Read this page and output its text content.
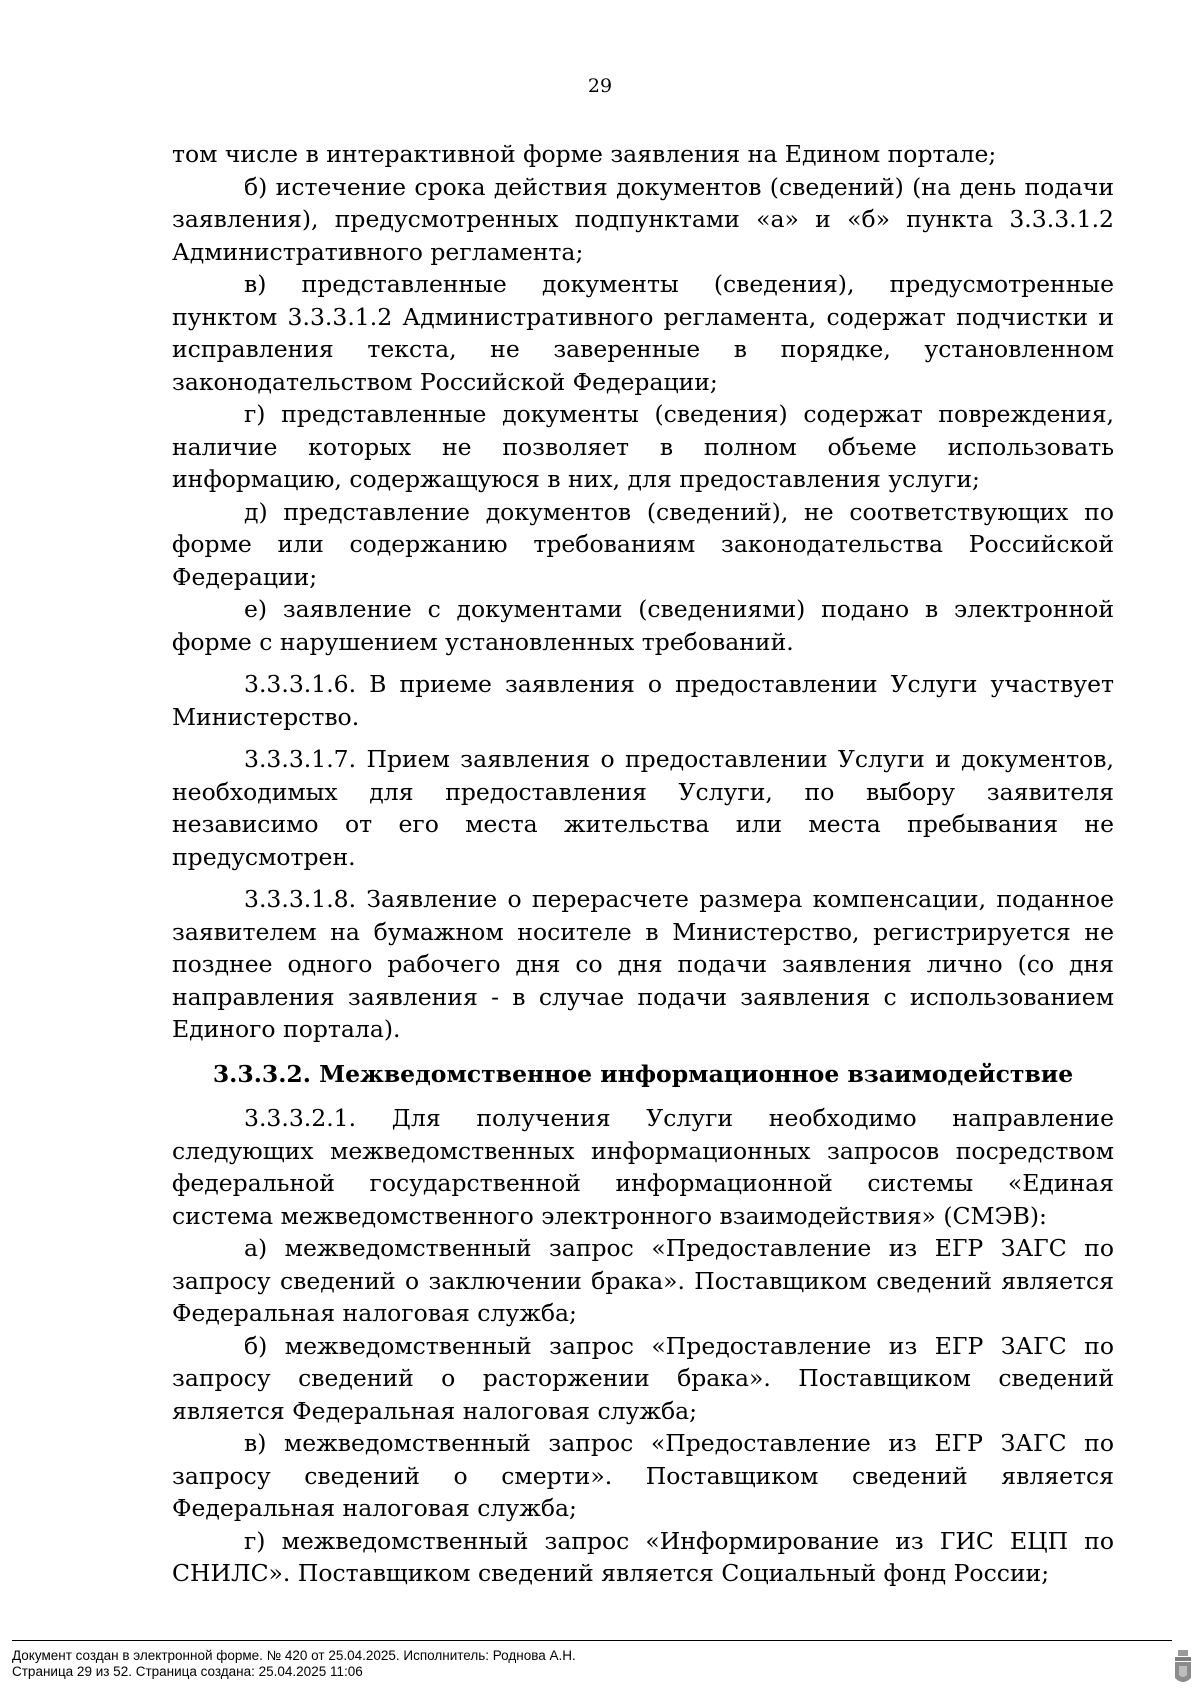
29

том числе в интерактивной форме заявления на Едином портале;

б) истечение срока действия документов (сведений) (на день подачи заявления), предусмотренных подпунктами «а» и «б» пункта 3.3.3.1.2 Административного регламента;

в) представленные документы (сведения), предусмотренные пунктом 3.3.3.1.2 Административного регламента, содержат подчистки и исправления текста, не заверенные в порядке, установленном законодательством Российской Федерации;

г) представленные документы (сведения) содержат повреждения, наличие которых не позволяет в полном объеме использовать информацию, содержащуюся в них, для предоставления услуги;

д) представление документов (сведений), не соответствующих по форме или содержанию требованиям законодательства Российской Федерации;

е) заявление с документами (сведениями) подано в электронной форме с нарушением установленных требований.

3.3.3.1.6. В приеме заявления о предоставлении Услуги участвует Министерство.

3.3.3.1.7. Прием заявления о предоставлении Услуги и документов, необходимых для предоставления Услуги, по выбору заявителя независимо от его места жительства или места пребывания не предусмотрен.

3.3.3.1.8. Заявление о перерасчете размера компенсации, поданное заявителем на бумажном носителе в Министерство, регистрируется не позднее одного рабочего дня со дня подачи заявления лично (со дня направления заявления - в случае подачи заявления с использованием Единого портала).

3.3.3.2. Межведомственное информационное взаимодействие

3.3.3.2.1. Для получения Услуги необходимо направление следующих межведомственных информационных запросов посредством федеральной государственной информационной системы «Единая система межведомственного электронного взаимодействия» (СМЭВ):

а) межведомственный запрос «Предоставление из ЕГР ЗАГС по запросу сведений о заключении брака». Поставщиком сведений является Федеральная налоговая служба;

б) межведомственный запрос «Предоставление из ЕГР ЗАГС по запросу сведений о расторжении брака». Поставщиком сведений является Федеральная налоговая служба;

в) межведомственный запрос «Предоставление из ЕГР ЗАГС по запросу сведений о смерти». Поставщиком сведений является Федеральная налоговая служба;

г) межведомственный запрос «Информирование из ГИС ЕЦП по СНИЛС». Поставщиком сведений является Социальный фонд России;

Документ создан в электронной форме. № 420 от 25.04.2025. Исполнитель: Роднова А.Н.
Страница 29 из 52. Страница создана: 25.04.2025 11:06
